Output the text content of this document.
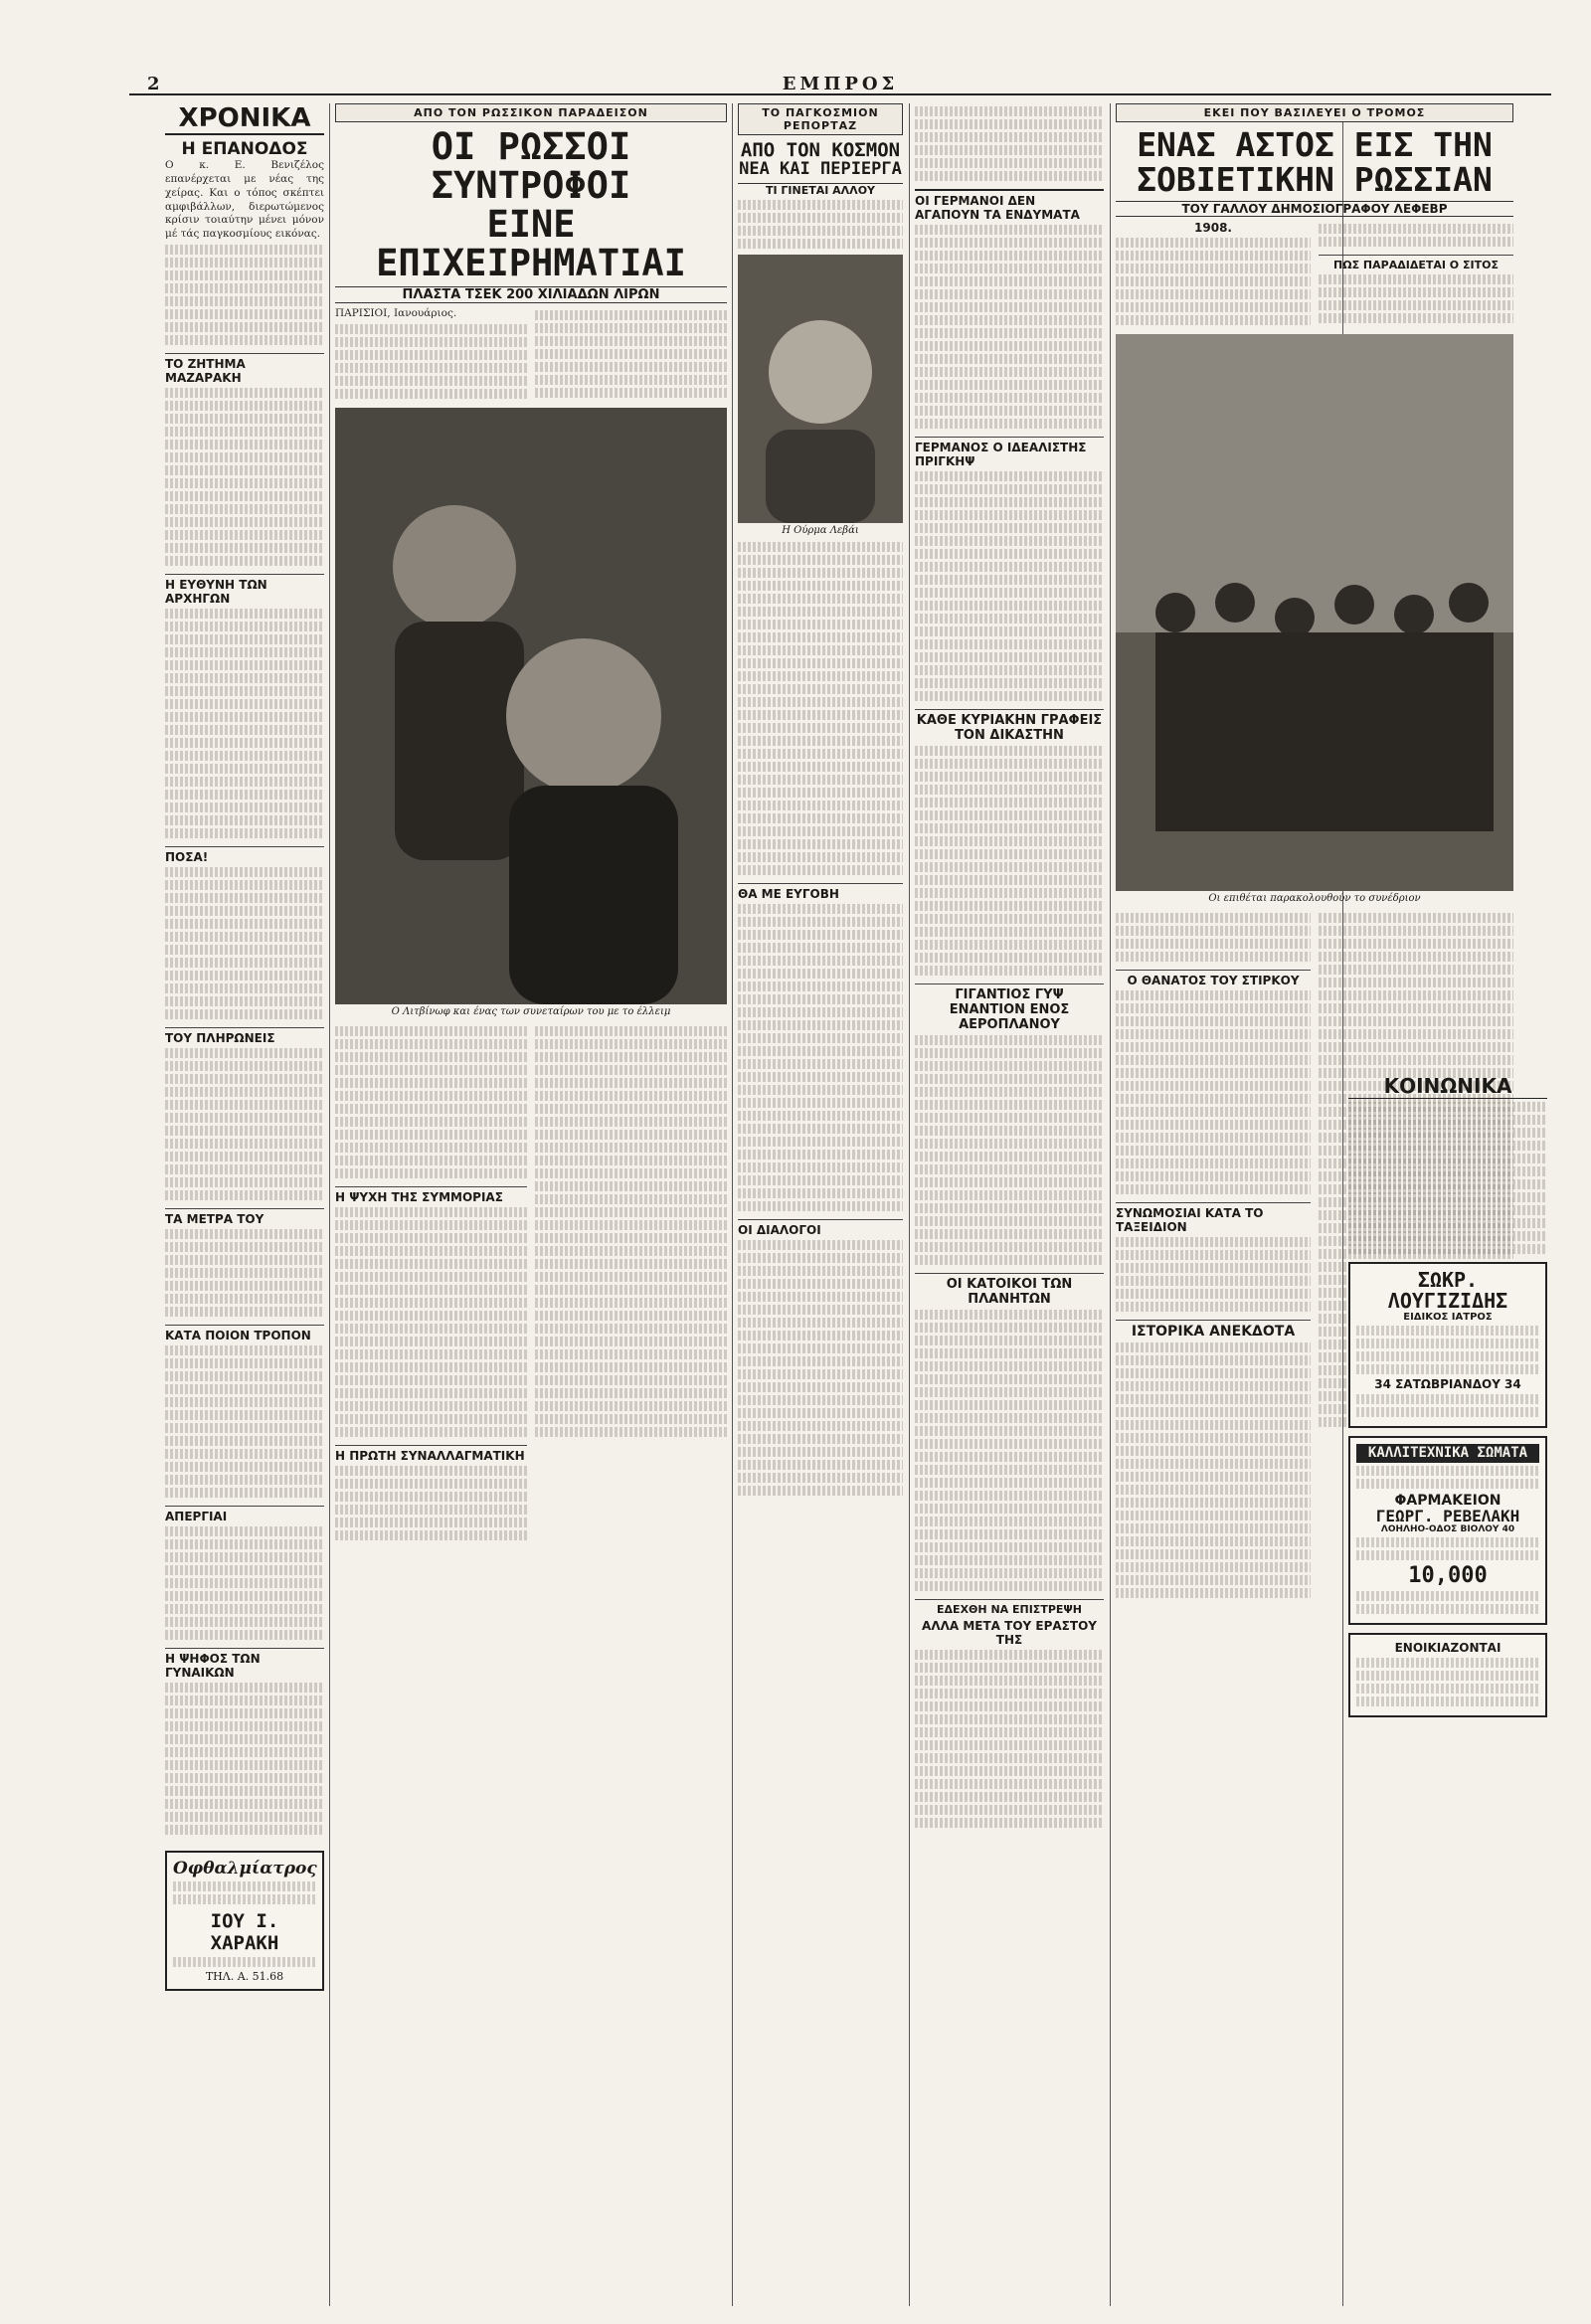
2	ΕΜΠΡΟΣ
ΧΡΟΝΙΚΑ
Η ΕΠΑΝΟΔΟΣ
Ο κ. Ε. Βενιζέλος επανέρχεται με νέας της χείρας. Και ο τόπος σκέπτει αμφιβάλλων, διερωτώμενος κρίσιν τοιαύτην μένει μόνον μέ τάς παγκοσμίους εικόνας.
ΤΟ ΖΗΤΗΜΑ ΜΑΖΑΡΑΚΗ
Η ΕΥΘΥΝΗ ΤΩΝ ΑΡΧΗΓΩΝ
ΠΟΣΑ!
ΤΟΥ ΠΛΗΡΩΝΕΙΣ
ΤΑ ΜΕΤΡΑ ΤΟΥ
ΚΑΤΑ ΠΟΙΟΝ ΤΡΟΠΟΝ
ΑΠΕΡΓΙΑΙ
Η ΨΗΦΟΣ ΤΩΝ ΓΥΝΑΙΚΩΝ
Οφθαλμίατρος
ΙΟΥ Ι. ΧΑΡΑΚΗ
ΤΗΛ. Α. 51.68
ΑΠΟ ΤΟΝ ΡΩΣΣΙΚΟΝ ΠΑΡΑΔΕΙΣΟΝ
ΟΙ ΡΩΣΣΟΙ ΣΥΝΤΡΟΦΟΙ
ΕΙΝΕ ΕΠΙΧΕΙΡΗΜΑΤΙΑΙ
ΠΛΑΣΤΑ ΤΣΕΚ 200 ΧΙΛΙΑΔΩΝ ΛΙΡΩΝ
ΠΑΡΙΣΙΟΙ, Ιανουάριος.
Ο Λιτβίνωφ και ένας των συνεταίρων του με το έλλειμ
Η ΨΥΧΗ ΤΗΣ ΣΥΜΜΟΡΙΑΣ
Η ΠΡΩΤΗ ΣΥΝΑΛΛΑΓΜΑΤΙΚΗ
ΤΟ ΠΑΓΚΟΣΜΙΟΝ ΡΕΠΟΡΤΑΖ
ΑΠΟ ΤΟΝ ΚΟΣΜΟΝ
ΝΕΑ ΚΑΙ ΠΕΡΙΕΡΓΑ
ΤΙ ΓΙΝΕΤΑΙ ΑΛΛΟΥ
Η Ούρμα Λεβάι
ΘΑ ΜΕ ΕΥΓΟΒΗ
ΟΙ ΔΙΑΛΟΓΟΙ
ΟΙ ΓΕΡΜΑΝΟΙ ΔΕΝ ΑΓΑΠΟΥΝ ΤΑ ΕΝΔΥΜΑΤΑ
ΓΕΡΜΑΝΟΣ Ο ΙΔΕΑΛΙΣΤΗΣ ΠΡΙΓΚΗΨ
ΚΑΘΕ ΚΥΡΙΑΚΗΝ ΓΡΑΦΕΙΣ ΤΟΝ ΔΙΚΑΣΤΗΝ
ΓΙΓΑΝΤΙΟΣ ΓΥΨ ΕΝΑΝΤΙΟΝ ΕΝΟΣ ΑΕΡΟΠΛΑΝΟΥ
ΟΙ ΚΑΤΟΙΚΟΙ ΤΩΝ ΠΛΑΝΗΤΩΝ
ΕΔΕΧΘΗ ΝΑ ΕΠΙΣΤΡΕΨΗ
ΑΛΛΑ ΜΕΤΑ ΤΟΥ ΕΡΑΣΤΟΥ ΤΗΣ
ΕΚΕΙ ΠΟΥ ΒΑΣΙΛΕΥΕΙ Ο ΤΡΟΜΟΣ
ΕΝΑΣ ΑΣΤΟΣ ΕΙΣ ΤΗΝ
ΣΟΒΙΕΤΙΚΗΝ ΡΩΣΣΙΑΝ
ΤΟΥ ΓΑΛΛΟΥ ΔΗΜΟΣΙΟΓΡΑΦΟΥ ΛΕΦΕΒΡ
1908.
ΠΩΣ ΠΑΡΑΔΙΔΕΤΑΙ Ο ΣΙΤΟΣ
Οι επιθέται παρακολουθούν το συνέδριον
Ο ΘΑΝΑΤΟΣ ΤΟΥ ΣΤΙΡΚΟΥ
ΣΥΝΩΜΟΣΙΑΙ ΚΑΤΑ ΤΟ ΤΑΞΕΙΔΙΟΝ
ΙΣΤΟΡΙΚΑ ΑΝΕΚΔΟΤΑ
ΚΟΙΝΩΝΙΚΑ
ΣΩΚΡ. ΛΟΥΓΙΖΙΔΗΣ
ΕΙΔΙΚΟΣ ΙΑΤΡΟΣ
34 ΣΑΤΩΒΡΙΑΝΔΟΥ 34
ΚΑΛΛΙΤΕΧΝΙΚΑ ΣΩΜΑΤΑ
ΦΑΡΜΑΚΕΙΟΝ
ΓΕΩΡΓ. ΡΕΒΕΛΑΚΗ
ΛΟΗΛΗΟ-ΟΔΟΣ ΒΙΟΛΟΥ 40
10,000
ΕΝΟΙΚΙΑΖΟΝΤΑΙ
